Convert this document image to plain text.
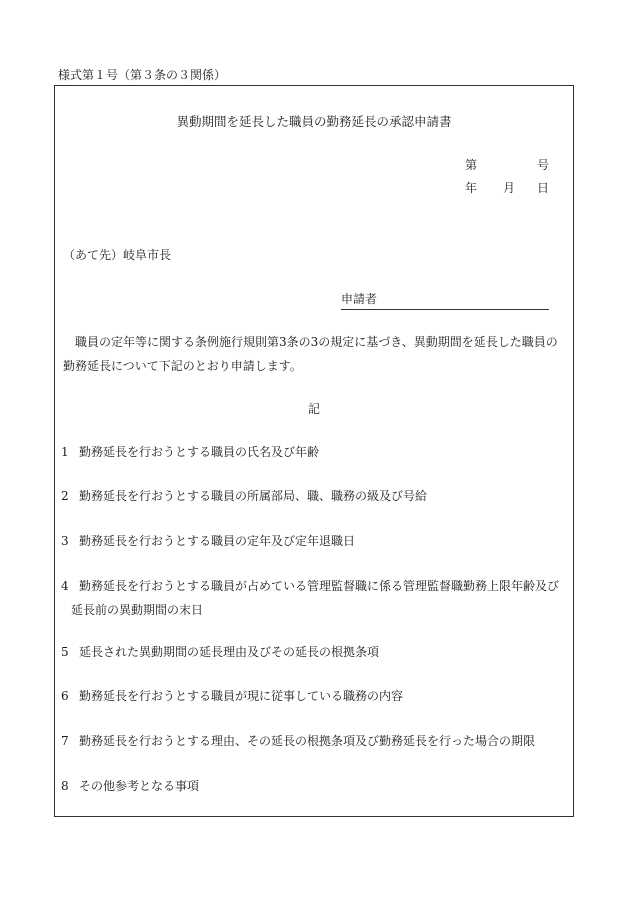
様式第１号（第３条の３関係）
異動期間を延長した職員の勤務延長の承認申請書
第	号
年 月 日
（あて先）岐阜市長
申請者
職員の定年等に関する条例施行規則第3条の3の規定に基づき、異動期間を延長した職員の勤務延長について下記のとおり申請します。
記
1 勤務延長を行おうとする職員の氏名及び年齢
2 勤務延長を行おうとする職員の所属部局、職、職務の級及び号給
3 勤務延長を行おうとする職員の定年及び定年退職日
4 勤務延長を行おうとする職員が占めている管理監督職に係る管理監督職勤務上限年齢及び
延長前の異動期間の末日
5 延長された異動期間の延長理由及びその延長の根拠条項
6 勤務延長を行おうとする職員が現に従事している職務の内容
7 勤務延長を行おうとする理由、その延長の根拠条項及び勤務延長を行った場合の期限
8 その他参考となる事項
